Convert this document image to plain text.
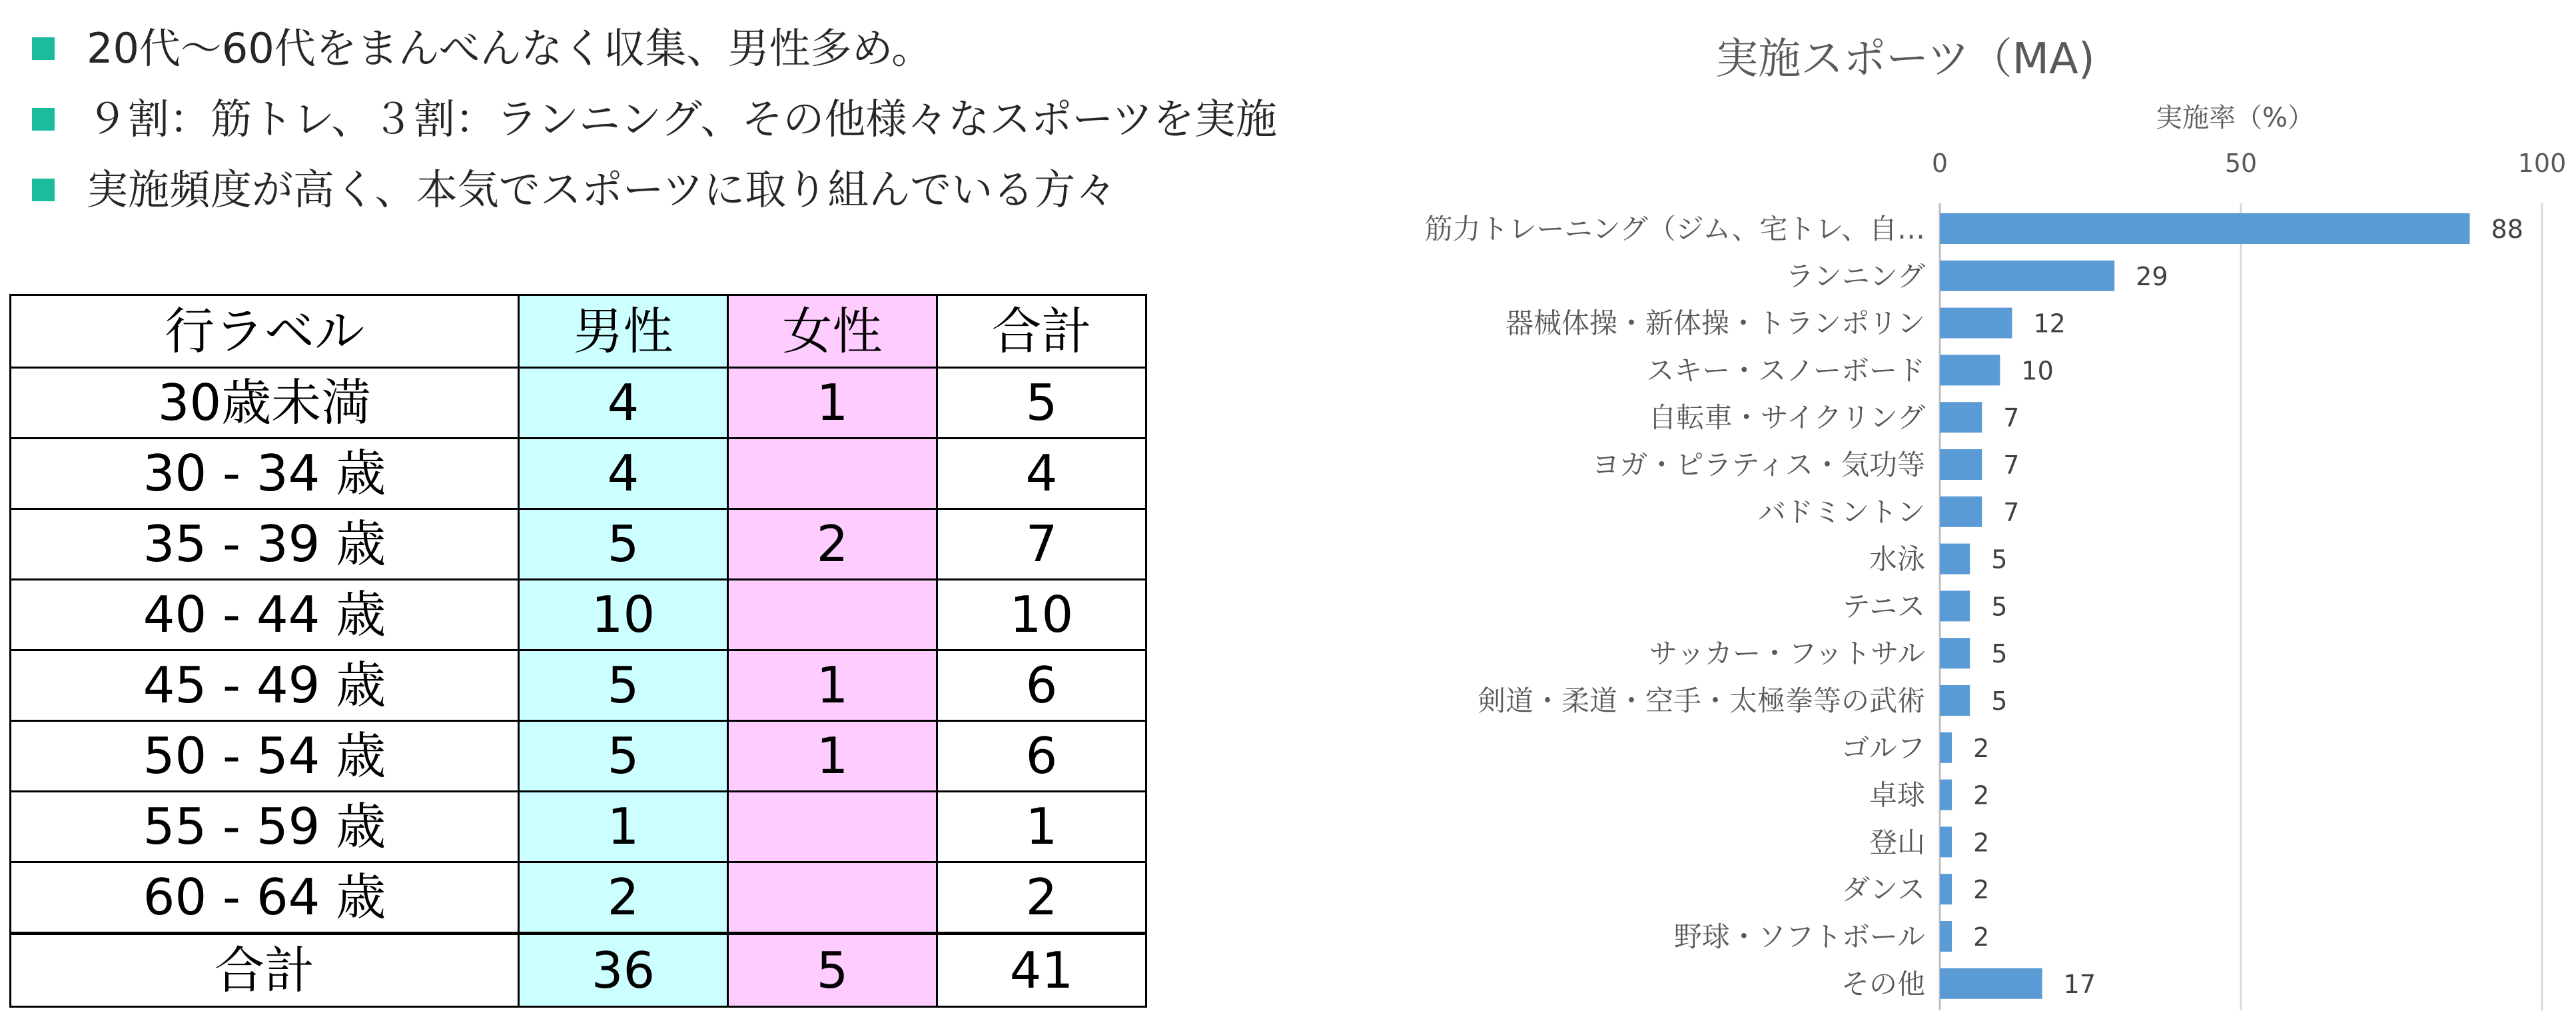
20代～60代をまんべんなく収集、男性多め。
９割：筋トレ、３割：ランニング、その他様々なスポーツを実施
実施頻度が高く、本気でスポーツに取り組んでいる方々
行ラベル	男性	女性	合計
30歳未満	4	1	5
30 - 34 歳	4		4
35 - 39 歳	5	2	7
40 - 44 歳	10		10
45 - 49 歳	5	1	6
50 - 54 歳	5	1	6
55 - 59 歳	1		1
60 - 64 歳	2		2
合計	36	5	41
実施スポーツ（MA)
実施率（%）
0	50	100
88
筋力トレーニング（ジム、宅トレ、自…
29
ランニング
12
器械体操・新体操・トランポリン
10
スキー・スノーボード
7
自転車・サイクリング
7
ヨガ・ピラティス・気功等
7
バドミントン
5
水泳
5
テニス
5
サッカー・フットサル
5
剣道・柔道・空手・太極拳等の武術
2
ゴルフ
2
卓球
2
登山
2
ダンス
2
野球・ソフトボール
17
その他
